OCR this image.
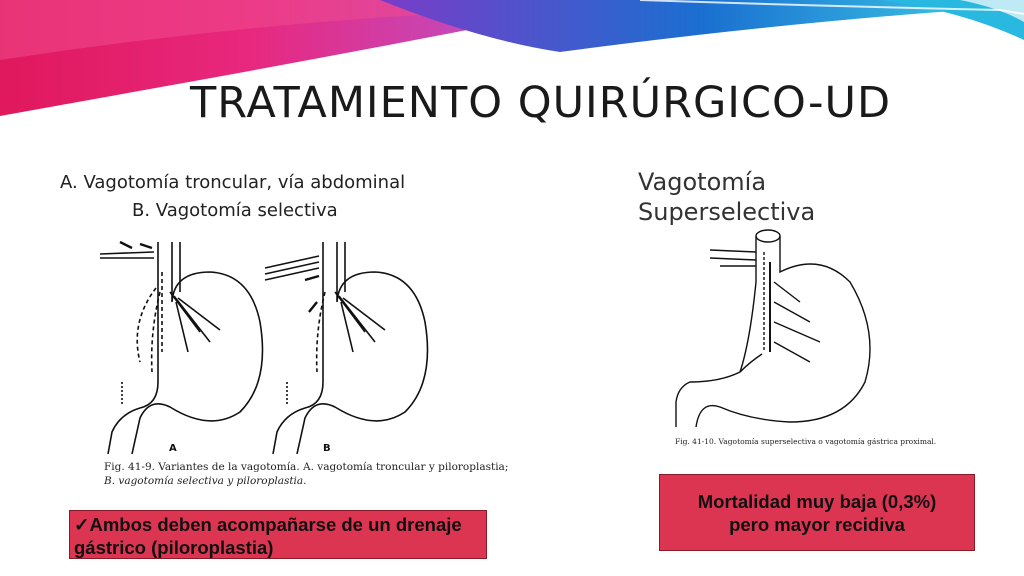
TRATAMIENTO QUIRÚRGICO-UD
A. Vagotomía troncular, vía abdominal
B. Vagotomía selectiva
Vagotomía
Superselectiva
A	B
Fig. 41-9. Variantes de la vagotomía. A. vagotomía troncular y piloroplastia;
B. vagotomía selectiva y piloroplastia.
Fig. 41-10. Vagotomía superselectiva o vagotomía gástrica proximal.
✓Ambos deben acompañarse de un drenaje gástrico (piloroplastia)
Mortalidad muy baja (0,3%)
pero mayor recidiva
